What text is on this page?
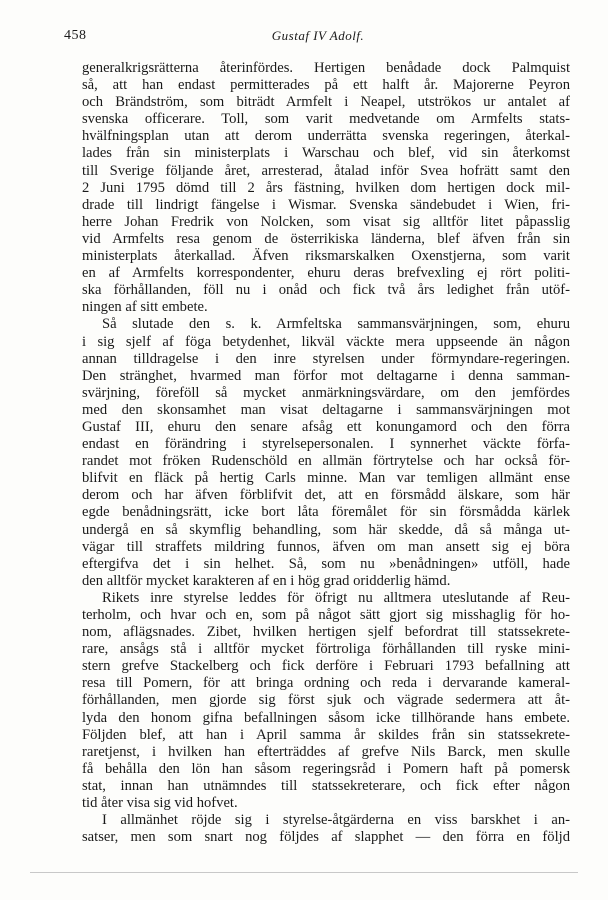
458	Gustaf IV Adolf.
generalkrigsrätterna återinfördes. Hertigen benådade dock Palmquist
så, att han endast permitterades på ett halft år. Majorerne Peyron
och Brändström, som biträdt Armfelt i Neapel, utströkos ur antalet af
svenska officerare. Toll, som varit medvetande om Armfelts stats-
hvälfningsplan utan att derom underrätta svenska regeringen, återkal-
lades från sin ministerplats i Warschau och blef, vid sin återkomst
till Sverige följande året, arresterad, åtalad inför Svea hofrätt samt den
2 Juni 1795 dömd till 2 års fästning, hvilken dom hertigen dock mil-
drade till lindrigt fängelse i Wismar. Svenska sändebudet i Wien, fri-
herre Johan Fredrik von Nolcken, som visat sig alltför litet påpasslig
vid Armfelts resa genom de österrikiska länderna, blef äfven från sin
ministerplats återkallad. Äfven riksmarskalken Oxenstjerna, som varit
en af Armfelts korrespondenter, ehuru deras brefvexling ej rört politi-
ska förhållanden, föll nu i onåd och fick två års ledighet från utöf-
ningen af sitt embete.
Så slutade den s. k. Armfeltska sammansvärjningen, som, ehuru
i sig sjelf af föga betydenhet, likväl väckte mera uppseende än någon
annan tilldragelse i den inre styrelsen under förmyndare-regeringen.
Den stränghet, hvarmed man förfor mot deltagarne i denna samman-
svärjning, föreföll så mycket anmärkningsvärdare, om den jemfördes
med den skonsamhet man visat deltagarne i sammansvärjningen mot
Gustaf III, ehuru den senare afsåg ett konungamord och den förra
endast en förändring i styrelsepersonalen. I synnerhet väckte förfa-
randet mot fröken Rudenschöld en allmän förtrytelse och har också för-
blifvit en fläck på hertig Carls minne. Man var temligen allmänt ense
derom och har äfven förblifvit det, att en försmådd älskare, som här
egde benådningsrätt, icke bort låta föremålet för sin försmådda kärlek
undergå en så skymflig behandling, som här skedde, då så många ut-
vägar till straffets mildring funnos, äfven om man ansett sig ej böra
eftergifva det i sin helhet. Så, som nu »benådningen» utföll, hade
den alltför mycket karakteren af en i hög grad oridderlig hämd.
Rikets inre styrelse leddes för öfrigt nu alltmera uteslutande af Reu-
terholm, och hvar och en, som på något sätt gjort sig misshaglig för ho-
nom, aflägsnades. Zibet, hvilken hertigen sjelf befordrat till statssekrete-
rare, ansågs stå i alltför mycket förtroliga förhållanden till ryske mini-
stern grefve Stackelberg och fick derföre i Februari 1793 befallning att
resa till Pomern, för att bringa ordning och reda i dervarande kameral-
förhållanden, men gjorde sig först sjuk och vägrade sedermera att åt-
lyda den honom gifna befallningen såsom icke tillhörande hans embete.
Följden blef, att han i April samma år skildes från sin statssekrete-
raretjenst, i hvilken han efterträddes af grefve Nils Barck, men skulle
få behålla den lön han såsom regeringsråd i Pomern haft på pomersk
stat, innan han utnämndes till statssekreterare, och fick efter någon
tid åter visa sig vid hofvet.
I allmänhet röjde sig i styrelse-åtgärderna en viss barskhet i an-
satser, men som snart nog följdes af slapphet — den förra en följd
